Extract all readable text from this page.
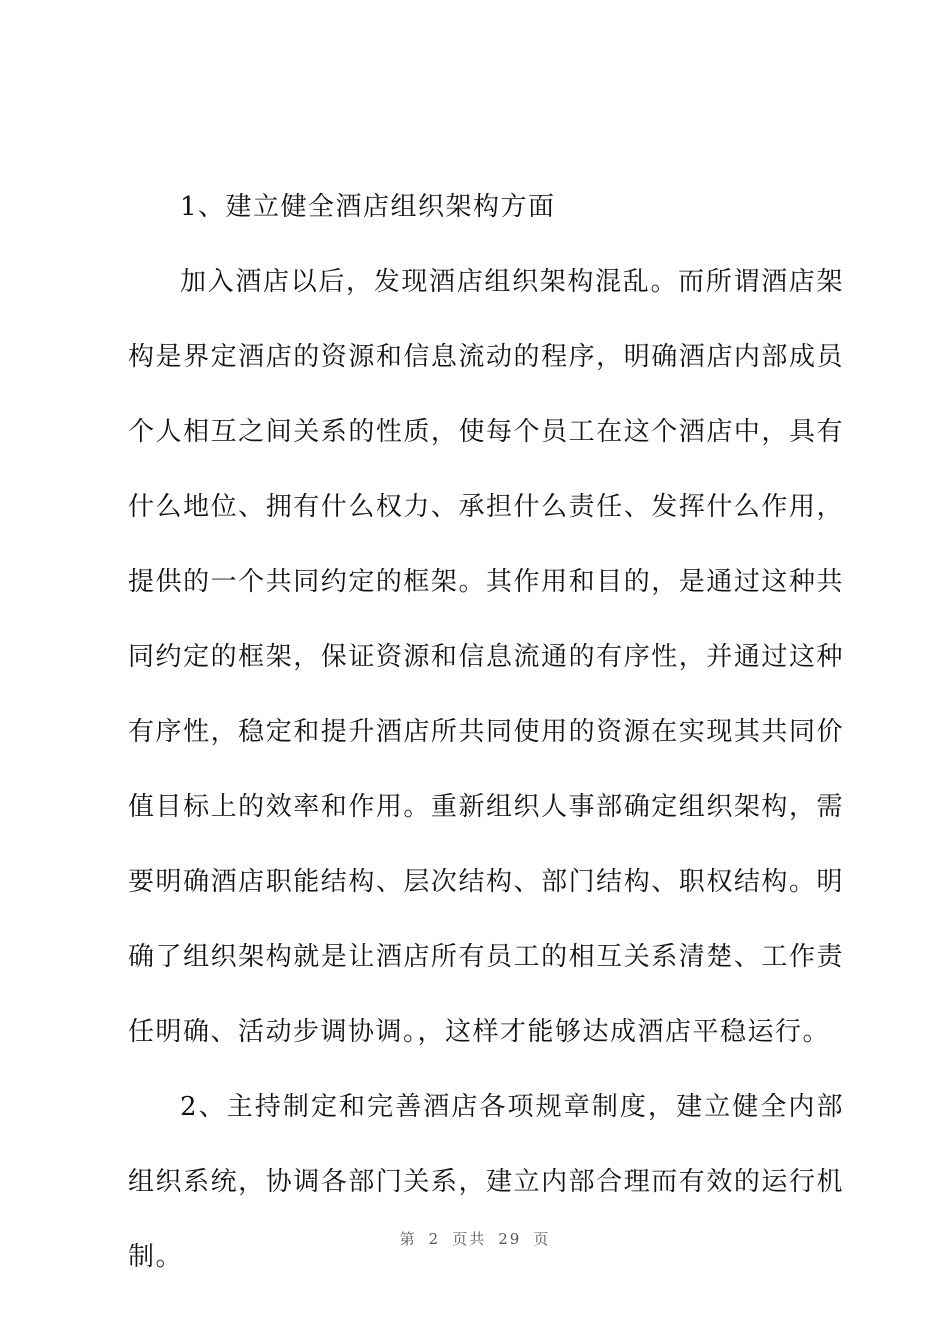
1、建立健全酒店组织架构方面

加入酒店以后，发现酒店组织架构混乱。而所谓酒店架构是界定酒店的资源和信息流动的程序，明确酒店内部成员个人相互之间关系的性质，使每个员工在这个酒店中，具有什么地位、拥有什么权力、承担什么责任、发挥什么作用，提供的一个共同约定的框架。其作用和目的，是通过这种共同约定的框架，保证资源和信息流通的有序性，并通过这种有序性，稳定和提升酒店所共同使用的资源在实现其共同价值目标上的效率和作用。重新组织人事部确定组织架构，需要明确酒店职能结构、层次结构、部门结构、职权结构。明确了组织架构就是让酒店所有员工的相互关系清楚、工作责任明确、活动步调协调。，这样才能够达成酒店平稳运行。

2、主持制定和完善酒店各项规章制度，建立健全内部组织系统，协调各部门关系，建立内部合理而有效的运行机制。

第 2 页共 29 页
